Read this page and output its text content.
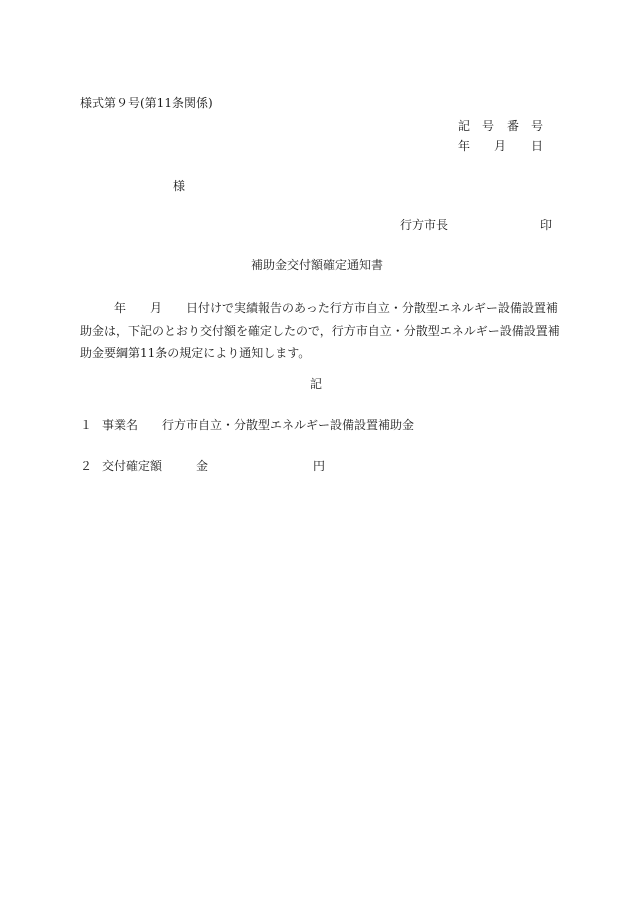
様式第９号(第11条関係)
記 号 番 号
年 月 日
様
行方市長	印
補助金交付額確定通知書
年 月 日付けで実績報告のあった行方市自立・分散型エネルギー設備設置補
助金は，下記のとおり交付額を確定したので，行方市自立・分散型エネルギー設備設置補
助金要綱第11条の規定により通知します。
記
１ 事業名 行方市自立・分散型エネルギー設備設置補助金
２ 交付確定額	金	円
